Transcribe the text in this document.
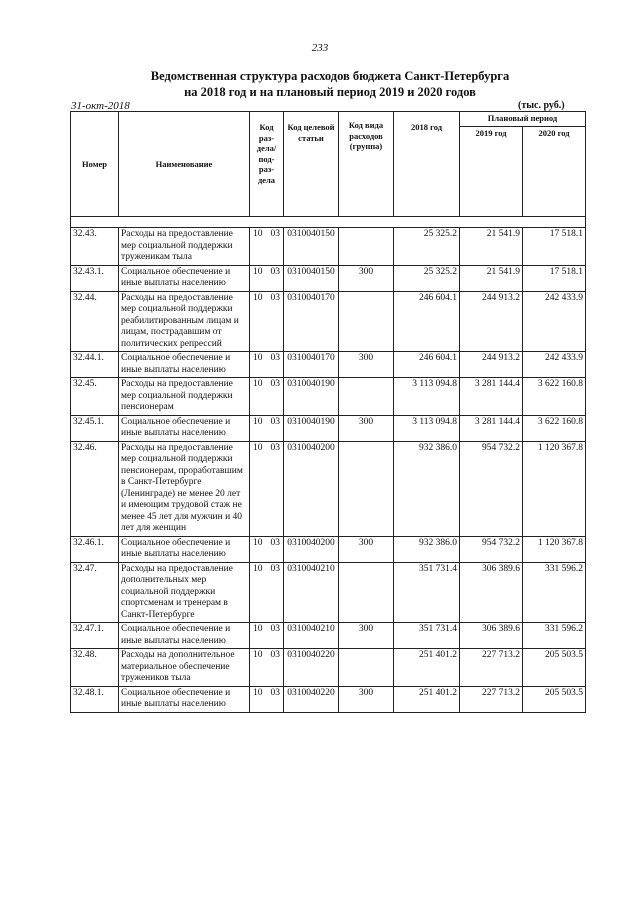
233
Ведомственная структура расходов бюджета Санкт-Петербурга
на 2018 год и на плановый период 2019 и 2020 годов
31-окт-2018	(тыс. руб.)
Номер	Наименование	Код раз-дела/ под-раз-дела	Код целевой статьи	Код вида расходов (группа)	2018 год	Плановый период	
						2019 год	2020 год

32.43.	Расходы на предоставление мер социальной поддержки труженикам тыла	10 03	0310040150		25 325.2	21 541.9	17 518.1
32.43.1.	Социальное обеспечение и иные выплаты населению	10 03	0310040150	300	25 325.2	21 541.9	17 518.1
32.44.	Расходы на предоставление мер социальной поддержки реабилитированным лицам и лицам, пострадавшим от политических репрессий	10 03	0310040170		246 604.1	244 913.2	242 433.9
32.44.1.	Социальное обеспечение и иные выплаты населению	10 03	0310040170	300	246 604.1	244 913.2	242 433.9
32.45.	Расходы на предоставление мер социальной поддержки пенсионерам	10 03	0310040190		3 113 094.8	3 281 144.4	3 622 160.8
32.45.1.	Социальное обеспечение и иные выплаты населению	10 03	0310040190	300	3 113 094.8	3 281 144.4	3 622 160.8
32.46.	Расходы на предоставление мер социальной поддержки пенсионерам, проработавшим в Санкт-Петербурге (Ленинграде) не менее 20 лет и имеющим трудовой стаж не менее 45 лет для мужчин и 40 лет для женщин	10 03	0310040200		932 386.0	954 732.2	1 120 367.8
32.46.1.	Социальное обеспечение и иные выплаты населению	10 03	0310040200	300	932 386.0	954 732.2	1 120 367.8
32.47.	Расходы на предоставление дополнительных мер социальной поддержки спортсменам и тренерам в Санкт-Петербурге	10 03	0310040210		351 731.4	306 389.6	331 596.2
32.47.1.	Социальное обеспечение и иные выплаты населению	10 03	0310040210	300	351 731.4	306 389.6	331 596.2
32.48.	Расходы на дополнительное материальное обеспечение тружеников тыла	10 03	0310040220		251 401.2	227 713.2	205 503.5
32.48.1.	Социальное обеспечение и иные выплаты населению	10 03	0310040220	300	251 401.2	227 713.2	205 503.5
